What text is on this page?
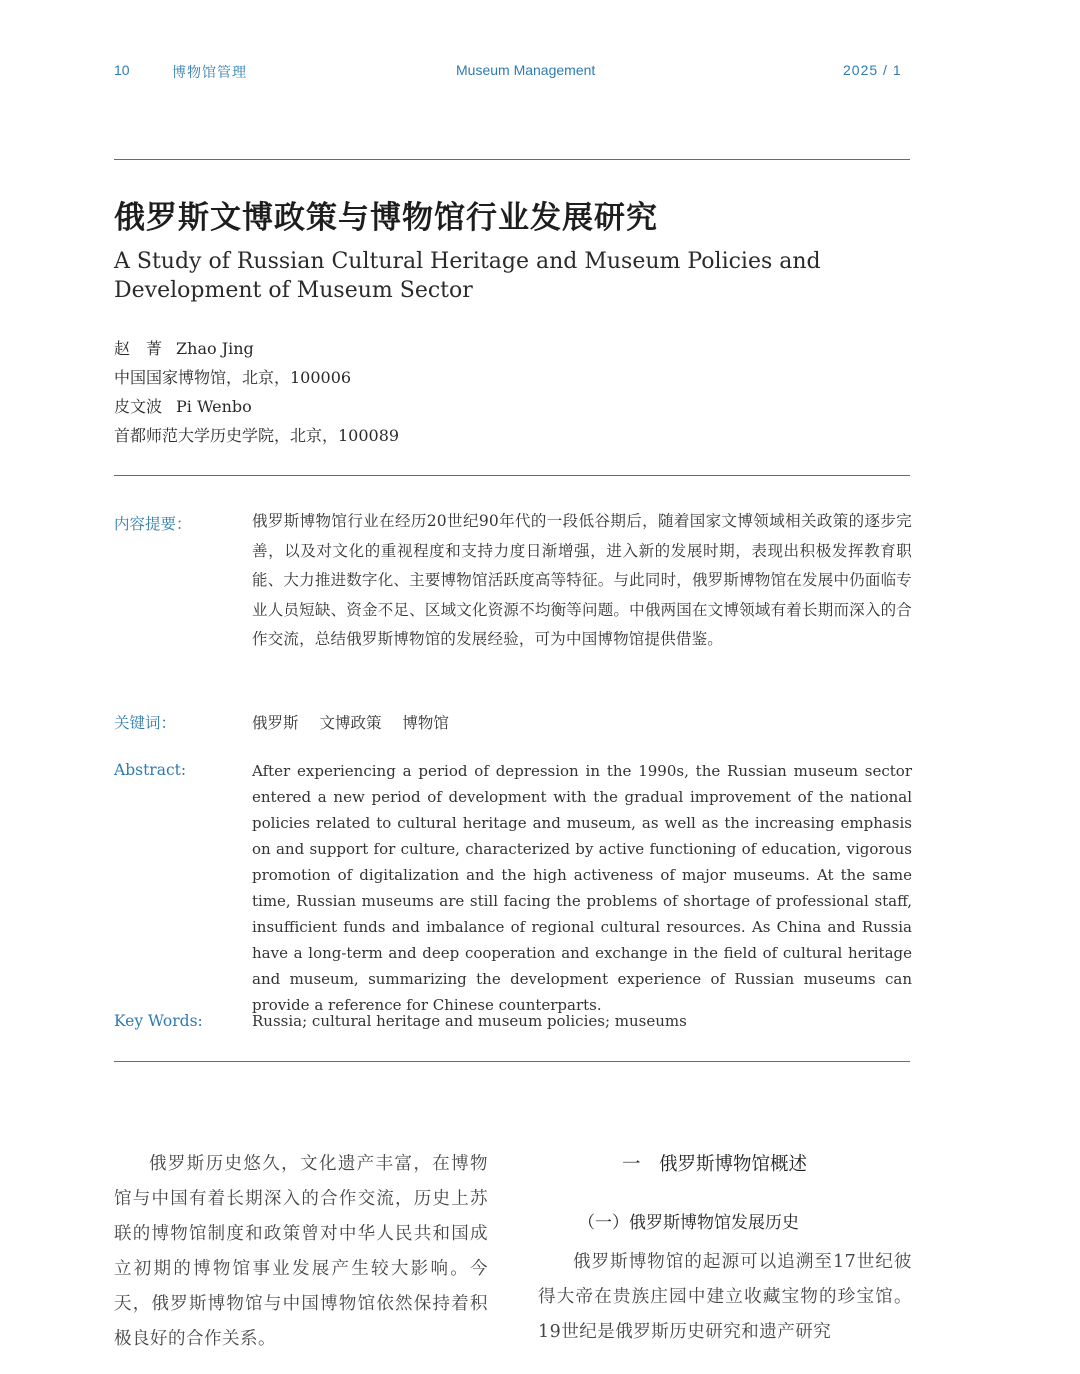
10	博物馆管理	Museum Management	2025 / 1
俄罗斯文博政策与博物馆行业发展研究
A Study of Russian Cultural Heritage and Museum Policies and Development of Museum Sector
赵　菁 Zhao Jing
中国国家博物馆，北京，100006
皮文波 Pi Wenbo
首都师范大学历史学院，北京，100089
内容提要：	俄罗斯博物馆行业在经历20世纪90年代的一段低谷期后，随着国家文博领域相关政策的逐步完善，以及对文化的重视程度和支持力度日渐增强，进入新的发展时期，表现出积极发挥教育职能、大力推进数字化、主要博物馆活跃度高等特征。与此同时，俄罗斯博物馆在发展中仍面临专业人员短缺、资金不足、区域文化资源不均衡等问题。中俄两国在文博领域有着长期而深入的合作交流，总结俄罗斯博物馆的发展经验，可为中国博物馆提供借鉴。
关键词：	俄罗斯 文博政策 博物馆
Abstract:	After experiencing a period of depression in the 1990s, the Russian museum sector entered a new period of development with the gradual improvement of the national policies related to cultural heritage and museum, as well as the increasing emphasis on and support for culture, characterized by active functioning of education, vigorous promotion of digitalization and the high activeness of major museums. At the same time, Russian museums are still facing the problems of shortage of professional staff, insufficient funds and imbalance of regional cultural resources. As China and Russia have a long-term and deep cooperation and exchange in the field of cultural heritage and museum, summarizing the development experience of Russian museums can provide a reference for Chinese counterparts.
Key Words:	Russia; cultural heritage and museum policies; museums
俄罗斯历史悠久，文化遗产丰富，在博物馆与中国有着长期深入的合作交流，历史上苏联的博物馆制度和政策曾对中华人民共和国成立初期的博物馆事业发展产生较大影响。今天，俄罗斯博物馆与中国博物馆依然保持着积极良好的合作关系。
一　俄罗斯博物馆概述
（一）俄罗斯博物馆发展历史
俄罗斯博物馆的起源可以追溯至17世纪彼得大帝在贵族庄园中建立收藏宝物的珍宝馆。19世纪是俄罗斯历史研究和遗产研究
